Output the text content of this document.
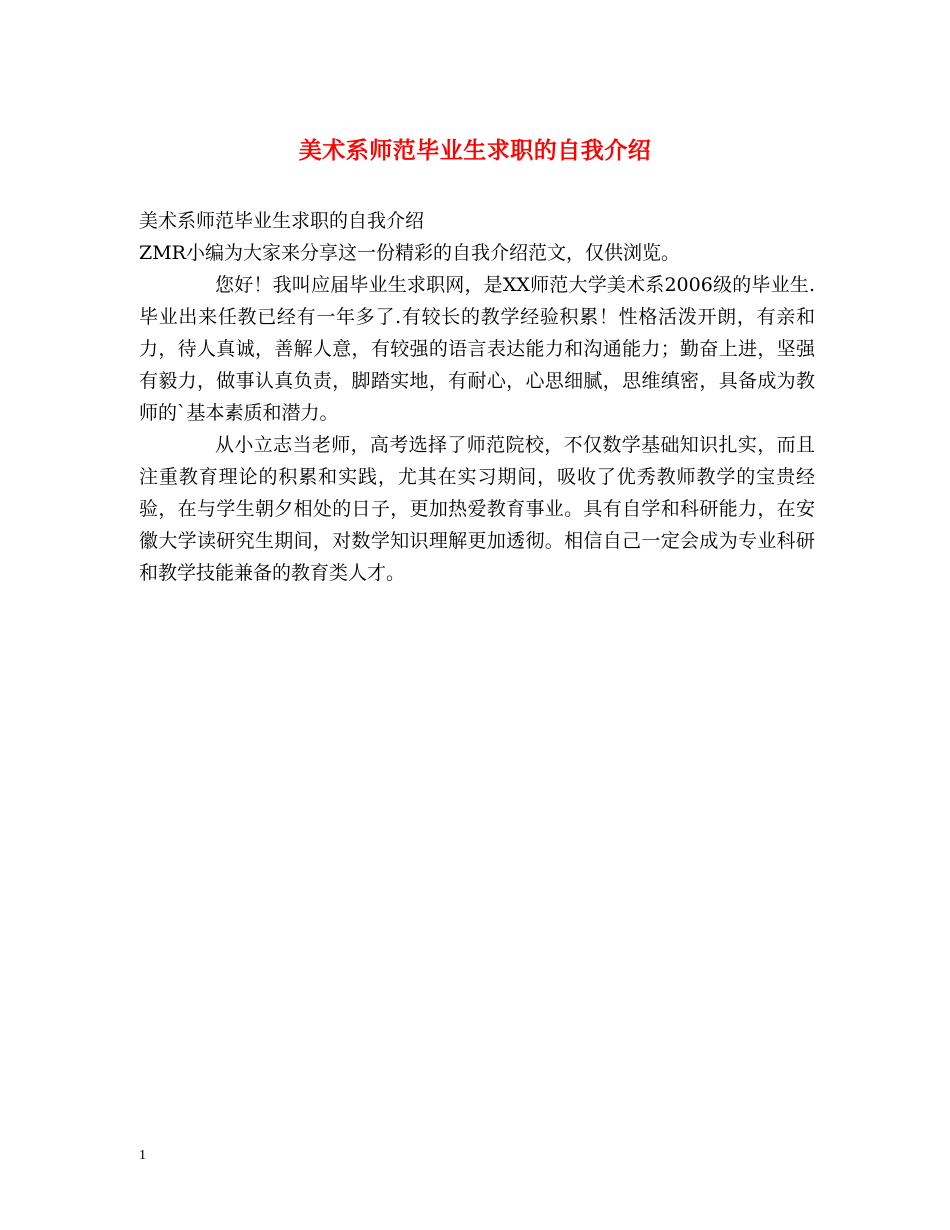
美术系师范毕业生求职的自我介绍

美术系师范毕业生求职的自我介绍

ZMR小编为大家来分享这一份精彩的自我介绍范文，仅供浏览。

您好！我叫应届毕业生求职网，是XX师范大学美术系2006级的毕业生.毕业出来任教已经有一年多了.有较长的教学经验积累！性格活泼开朗，有亲和力，待人真诚，善解人意，有较强的语言表达能力和沟通能力；勤奋上进，坚强有毅力，做事认真负责，脚踏实地，有耐心，心思细腻，思维缜密，具备成为教师的`基本素质和潜力。

从小立志当老师，高考选择了师范院校，不仅数学基础知识扎实，而且注重教育理论的积累和实践，尤其在实习期间，吸收了优秀教师教学的宝贵经验，在与学生朝夕相处的日子，更加热爱教育事业。具有自学和科研能力，在安徽大学读研究生期间，对数学知识理解更加透彻。相信自己一定会成为专业科研和教学技能兼备的教育类人才。

1
